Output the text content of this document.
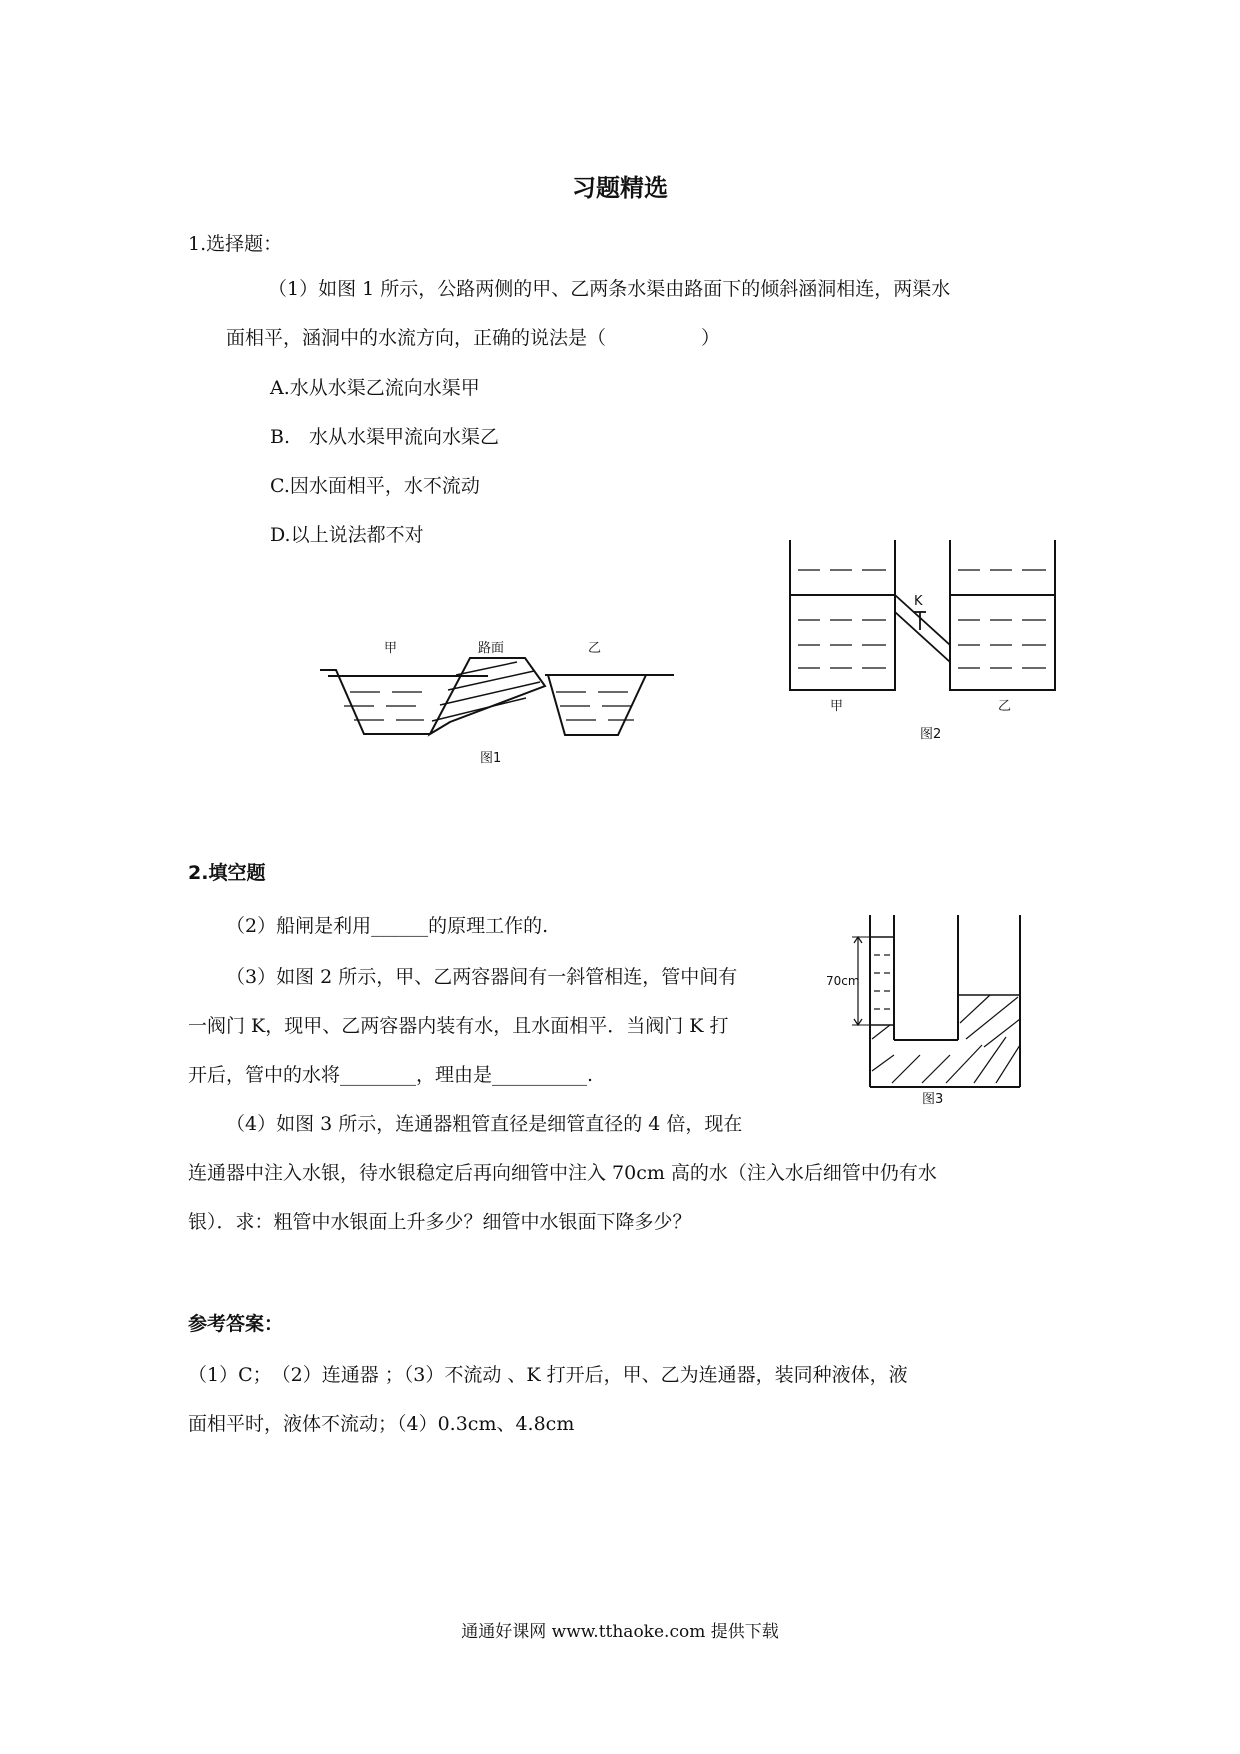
习题精选
1.选择题：
（1）如图 1 所示，公路两侧的甲、乙两条水渠由路面下的倾斜涵洞相连，两渠水
面相平，涵洞中的水流方向，正确的说法是（　　　　　）
A.水从水渠乙流向水渠甲
B.　水从水渠甲流向水渠乙
C.因水面相平，水不流动
D.以上说法都不对
甲	路面	乙
图1
K
甲	乙
图2
2.填空题
（2）船闸是利用______的原理工作的.
（3）如图 2 所示，甲、乙两容器间有一斜管相连，管中间有
一阀门 K，现甲、乙两容器内装有水，且水面相平．当阀门 K 打
开后，管中的水将________，理由是__________.
70cm
图3
（4）如图 3 所示，连通器粗管直径是细管直径的 4 倍，现在
连通器中注入水银，待水银稳定后再向细管中注入 70cm 高的水（注入水后细管中仍有水
银）．求：粗管中水银面上升多少？细管中水银面下降多少？
参考答案：
（1）C；　（2）连通器 ；（3）不流动 、K 打开后，甲、乙为连通器，装同种液体，液
面相平时，液体不流动；（4）0.3cm、4.8cm
通通好课网 www.tthaoke.com 提供下载
